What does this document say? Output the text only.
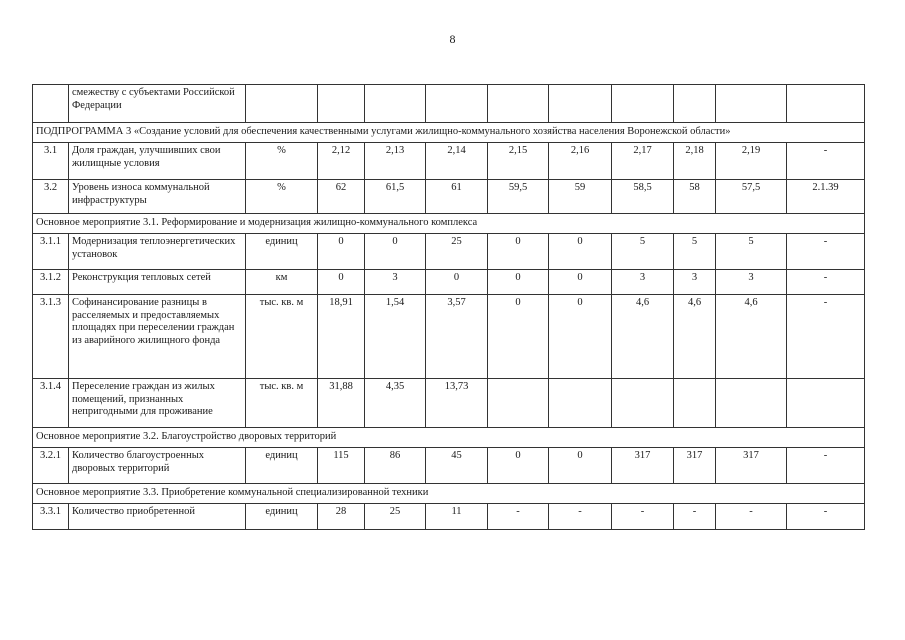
8
	смежеству с субъектами Российской Федерации										
ПОДПРОГРАММА 3 «Создание условий для обеспечения качественными услугами жилищно-коммунального хозяйства населения Воронежской области»											
3.1	Доля граждан, улучшивших свои жилищные условия	%	2,12	2,13	2,14	2,15	2,16	2,17	2,18	2,19	-
3.2	Уровень износа коммунальной инфраструктуры	%	62	61,5	61	59,5	59	58,5	58	57,5	2.1.39
Основное мероприятие 3.1. Реформирование и модернизация жилищно-коммунального комплекса											
3.1.1	Модернизация теплоэнергетических установок	единиц	0	0	25	0	0	5	5	5	-
3.1.2	Реконструкция тепловых сетей	км	0	3	0	0	0	3	3	3	-
3.1.3	Софинансирование разницы в расселяемых и предоставляемых площадях при переселении граждан из аварийного жилищного фонда	тыс. кв. м	18,91	1,54	3,57	0	0	4,6	4,6	4,6	-
3.1.4	Переселение граждан из жилых помещений, признанных непригодными для проживание	тыс. кв. м	31,88	4,35	13,73						
Основное мероприятие 3.2. Благоустройство дворовых территорий											
3.2.1	Количество благоустроенных дворовых территорий	единиц	115	86	45	0	0	317	317	317	-
Основное мероприятие 3.3. Приобретение коммунальной специализированной техники											
3.3.1	Количество приобретенной	единиц	28	25	11	-	-	-	-	-	-
